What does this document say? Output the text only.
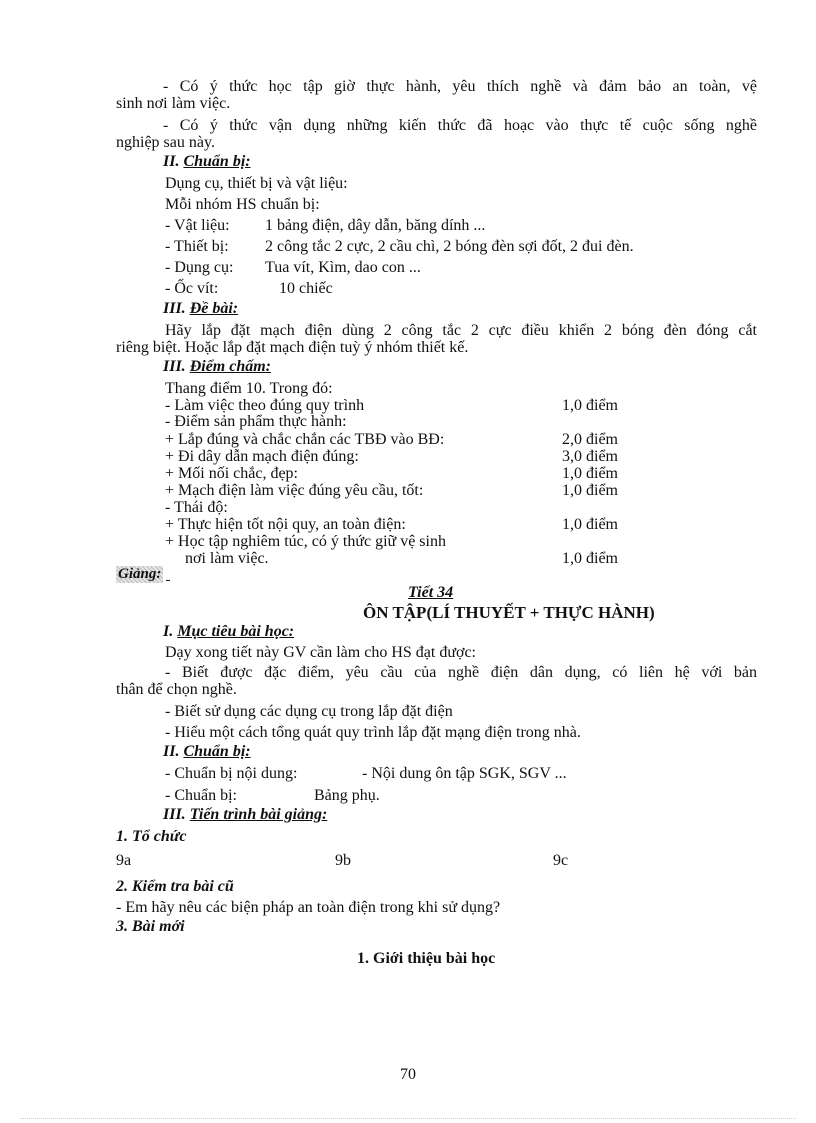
- Có ý thức học tập giờ thực hành, yêu thích nghề và đảm bảo an toàn, vệ
sinh nơi làm việc.
- Có ý thức vận dụng những kiến thức đã hoạc vào thực tế cuộc sống nghề
nghiệp sau này.
II. Chuẩn bị:
Dụng cụ, thiết bị và vật liệu:
Mỗi nhóm HS chuẩn bị:
- Vật liệu: 1 bảng điện, dây dẫn, băng dính ...
- Thiết bị: 2 công tắc 2 cực, 2 cầu chì, 2 bóng đèn sợi đốt, 2 đui đèn.
- Dụng cụ: Tua vít, Kìm, dao con ...
- Ốc vít:	10 chiếc
III. Đề bài:
Hãy lắp đặt mạch điện dùng 2 công tắc 2 cực điều khiển 2 bóng đèn đóng cắt
riêng biệt. Hoặc lắp đặt mạch điện tuỳ ý nhóm thiết kế.
III. Điểm chấm:
Thang điểm 10. Trong đó:
- Làm việc theo đúng quy trình	1,0 điểm
- Điểm sản phẩm thực hành:
+ Lắp đúng và chắc chắn các TBĐ vào BĐ:	2,0 điểm
+ Đi dây dẫn mạch điện đúng:	3,0 điểm
+ Mối nối chắc, đẹp:	1,0 điểm
+ Mạch điện làm việc đúng yêu cầu, tốt:	1,0 điểm
- Thái độ:
+ Thực hiện tốt nội quy, an toàn điện:	1,0 điểm
+ Học tập nghiêm túc, có ý thức giữ vệ sinh
nơi làm việc.	1,0 điểm
Giảng:
Tiết 34
ÔN TẬP(LÍ THUYẾT + THỰC HÀNH)
I. Mục tiêu bài học:
Dạy xong tiết này GV cần làm cho HS đạt được:
- Biết được đặc điểm, yêu cầu của nghề điện dân dụng, có liên hệ với bản
thân để chọn nghề.
- Biết sử dụng các dụng cụ trong lắp đặt điện
- Hiểu một cách tổng quát quy trình lắp đặt mạng điện trong nhà.
II. Chuẩn bị:
- Chuẩn bị nội dung:	- Nội dung ôn tập SGK, SGV ...
- Chuẩn bị:	Bảng phụ.
III. Tiến trình bài giảng:
1. Tổ chức
9a	9b	9c
2. Kiểm tra bài cũ
- Em hãy nêu các biện pháp an toàn điện trong khi sử dụng?
3. Bài mới
1. Giới thiệu bài học
70
